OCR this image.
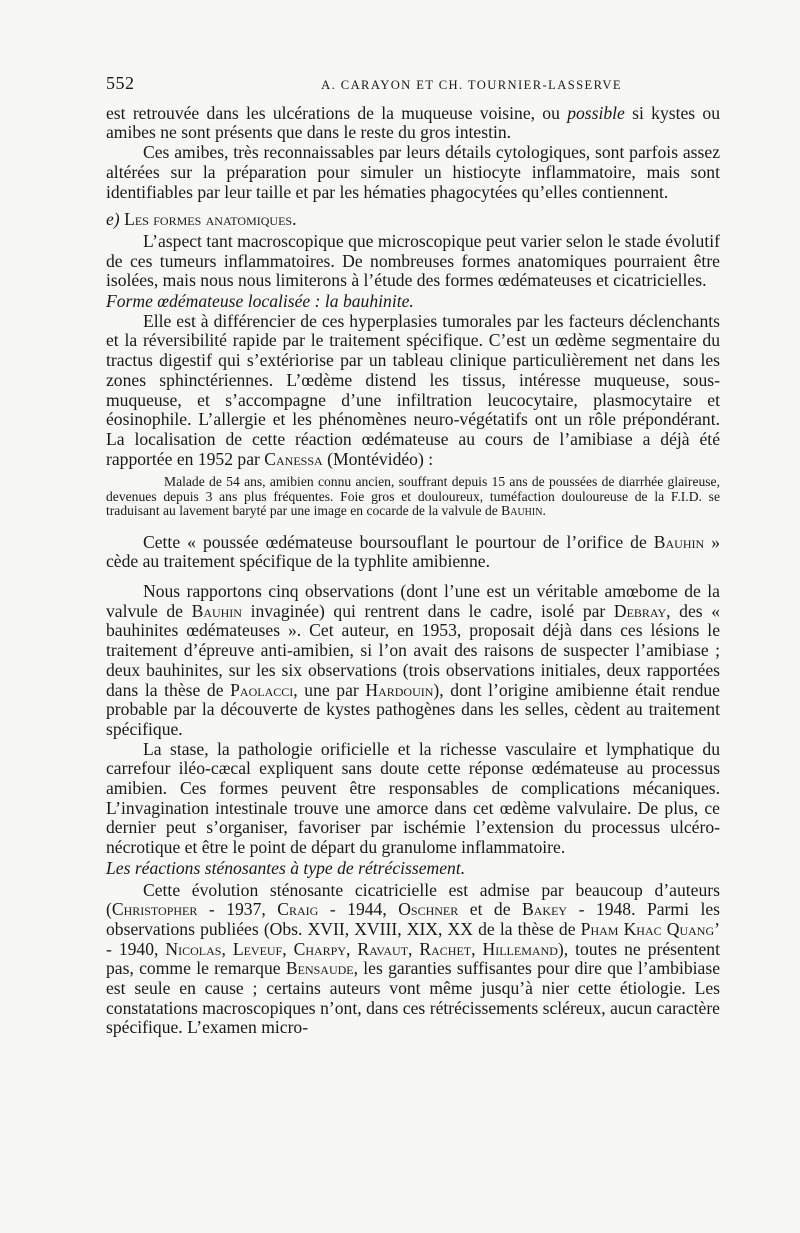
552	A. CARAYON ET CH. TOURNIER-LASSERVE

est retrouvée dans les ulcérations de la muqueuse voisine, ou possible si kystes ou amibes ne sont présents que dans le reste du gros intestin.

Ces amibes, très reconnaissables par leurs détails cytologiques, sont parfois assez altérées sur la préparation pour simuler un histiocyte inflammatoire, mais sont identifiables par leur taille et par les hématies phagocytées qu’elles contiennent.

e) Les formes anatomiques.

L’aspect tant macroscopique que microscopique peut varier selon le stade évolutif de ces tumeurs inflammatoires. De nombreuses formes anatomiques pourraient être isolées, mais nous nous limiterons à l’étude des formes œdémateuses et cicatricielles.

Forme œdémateuse localisée : la bauhinite.

Elle est à différencier de ces hyperplasies tumorales par les facteurs déclenchants et la réversibilité rapide par le traitement spécifique. C’est un œdème segmentaire du tractus digestif qui s’extériorise par un tableau clinique particulièrement net dans les zones sphinctériennes. L’œdème distend les tissus, intéresse muqueuse, sous-muqueuse, et s’accompagne d’une infiltration leucocytaire, plasmocytaire et éosinophile. L’allergie et les phénomènes neuro-végétatifs ont un rôle prépondérant. La localisation de cette réaction œdémateuse au cours de l’amibiase a déjà été rapportée en 1952 par Canessa (Montévidéo) :

Malade de 54 ans, amibien connu ancien, souffrant depuis 15 ans de poussées de diarrhée glaireuse, devenues depuis 3 ans plus fréquentes. Foie gros et douloureux, tuméfaction douloureuse de la F.I.D. se traduisant au lavement baryté par une image en cocarde de la valvule de Bauhin.

Cette « poussée œdémateuse boursouflant le pourtour de l’orifice de Bauhin » cède au traitement spécifique de la typhlite amibienne.

Nous rapportons cinq observations (dont l’une est un véritable amœbome de la valvule de Bauhin invaginée) qui rentrent dans le cadre, isolé par Debray, des « bauhinites œdémateuses ». Cet auteur, en 1953, proposait déjà dans ces lésions le traitement d’épreuve anti-amibien, si l’on avait des raisons de suspecter l’amibiase ; deux bauhinites, sur les six observations (trois observations initiales, deux rapportées dans la thèse de Paolacci, une par Hardouin), dont l’origine amibienne était rendue probable par la découverte de kystes pathogènes dans les selles, cèdent au traitement spécifique.

La stase, la pathologie orificielle et la richesse vasculaire et lymphatique du carrefour iléo-cæcal expliquent sans doute cette réponse œdémateuse au processus amibien. Ces formes peuvent être responsables de complications mécaniques. L’invagination intestinale trouve une amorce dans cet œdème valvulaire. De plus, ce dernier peut s’organiser, favoriser par ischémie l’extension du processus ulcéro-nécrotique et être le point de départ du granulome inflammatoire.

Les réactions sténosantes à type de rétrécissement.

Cette évolution sténosante cicatricielle est admise par beaucoup d’auteurs (Christopher - 1937, Craig - 1944, Oschner et de Bakey - 1948. Parmi les observations publiées (Obs. XVII, XVIII, XIX, XX de la thèse de Pham Khac Quang’ - 1940, Nicolas, Leveuf, Charpy, Ravaut, Rachet, Hillemand), toutes ne présentent pas, comme le remarque Bensaude, les garanties suffisantes pour dire que l’ambibiase est seule en cause ; certains auteurs vont même jusqu’à nier cette étiologie. Les constatations macroscopiques n’ont, dans ces rétrécissements scléreux, aucun caractère spécifique. L’examen micro-
